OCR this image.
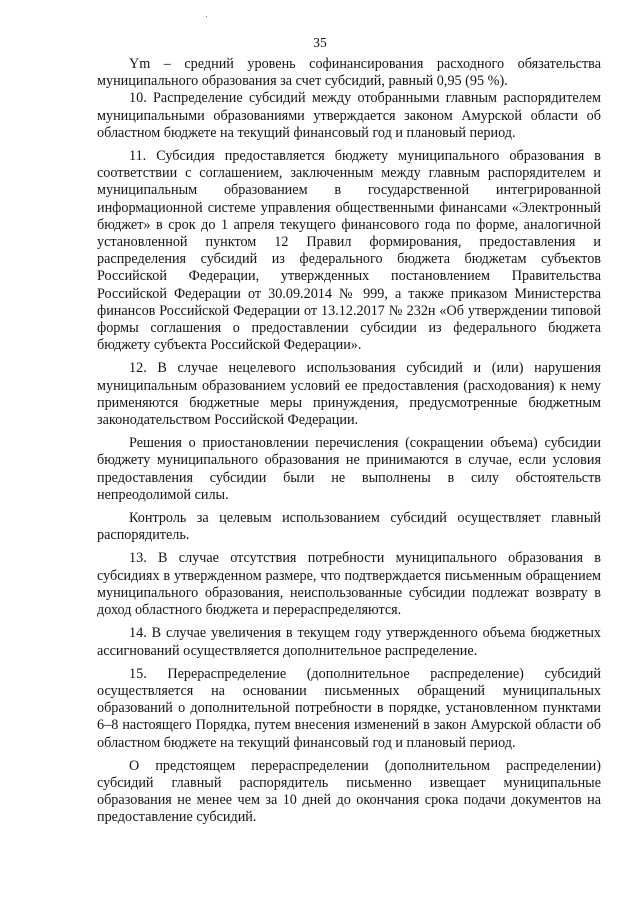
35

Ym – средний уровень софинансирования расходного обязательства муниципального образования за счет субсидий, равный 0,95 (95 %).

10. Распределение субсидий между отобранными главным распорядителем муниципальными образованиями утверждается законом Амурской области об областном бюджете на текущий финансовый год и плановый период.

11. Субсидия предоставляется бюджету муниципального образования в соответствии с соглашением, заключенным между главным распорядителем и муниципальным образованием в государственной интегрированной информационной системе управления общественными финансами «Электронный бюджет» в срок до 1 апреля текущего финансового года по форме, аналогичной установленной пунктом 12 Правил формирования, предоставления и распределения субсидий из федерального бюджета бюджетам субъектов Российской Федерации, утвержденных постановлением Правительства Российской Федерации от 30.09.2014 № 999, а также приказом Министерства финансов Российской Федерации от 13.12.2017 № 232н «Об утверждении типовой формы соглашения о предоставлении субсидии из федерального бюджета бюджету субъекта Российской Федерации».

12. В случае нецелевого использования субсидий и (или) нарушения муниципальным образованием условий ее предоставления (расходования) к нему применяются бюджетные меры принуждения, предусмотренные бюджетным законодательством Российской Федерации.

Решения о приостановлении перечисления (сокращении объема) субсидии бюджету муниципального образования не принимаются в случае, если условия предоставления субсидии были не выполнены в силу обстоятельств непреодолимой силы.

Контроль за целевым использованием субсидий осуществляет главный распорядитель.

13. В случае отсутствия потребности муниципального образования в субсидиях в утвержденном размере, что подтверждается письменным обращением муниципального образования, неиспользованные субсидии подлежат возврату в доход областного бюджета и перераспределяются.

14. В случае увеличения в текущем году утвержденного объема бюджетных ассигнований осуществляется дополнительное распределение.

15. Перераспределение (дополнительное распределение) субсидий осуществляется на основании письменных обращений муниципальных образований о дополнительной потребности в порядке, установленном пунктами 6–8 настоящего Порядка, путем внесения изменений в закон Амурской области об областном бюджете на текущий финансовый год и плановый период.

О предстоящем перераспределении (дополнительном распределении) субсидий главный распорядитель письменно извещает муниципальные образования не менее чем за 10 дней до окончания срока подачи документов на предоставление субсидий.
